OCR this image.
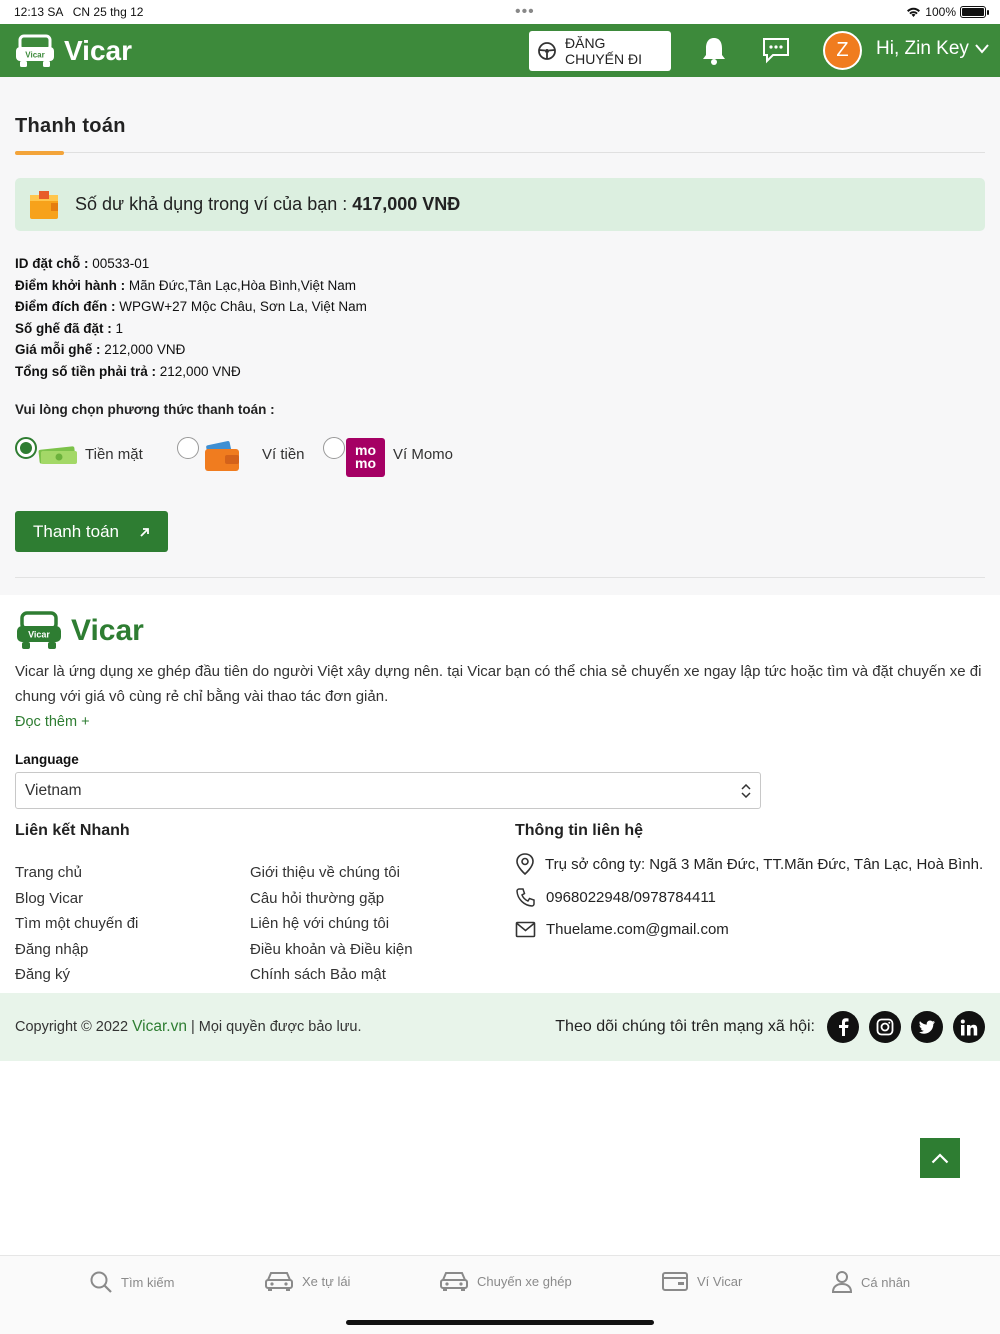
12:13 SA CN 25 thg 12	•••	100%
Vicar Vicar	ĐĂNG CHUYẾN ĐI	Z	Hi, Zin Key
Thanh toán
Số dư khả dụng trong ví của bạn : 417,000 VNĐ
ID đặt chỗ : 00533-01
Điểm khởi hành : Mãn Đức,Tân Lạc,Hòa Bình,Việt Nam
Điểm đích đến : WPGW+27 Mộc Châu, Sơn La, Việt Nam
Số ghế đã đặt : 1
Giá mỗi ghế : 212,000 VNĐ
Tổng số tiền phải trả : 212,000 VNĐ
Vui lòng chọn phương thức thanh toán :
Tiền mặt	Ví tiền	mo mo	Ví Momo
Thanh toán
Vicar Vicar

Vicar là ứng dụng xe ghép đầu tiên do người Việt xây dựng nên. tại Vicar bạn có thể chia sẻ chuyến xe ngay lập tức hoặc tìm và đặt chuyến xe đi chung với giá vô cùng rẻ chỉ bằng vài thao tác đơn giản.

Đọc thêm +
Language
Vietnam
Liên kết Nhanh
Trang chủ
Blog Vicar
Tìm một chuyến đi
Đăng nhập
Đăng ký
Giới thiệu về chúng tôi
Câu hỏi thường gặp
Liên hệ với chúng tôi
Điều khoản và Điều kiện
Chính sách Bảo mật
Thông tin liên hệ
Trụ sở công ty: Ngã 3 Mãn Đức, TT.Mãn Đức, Tân Lạc, Hoà Bình.
0968022948/0978784411
Thuelame.com@gmail.com
Copyright © 2022 Vicar.vn | Mọi quyền được bảo lưu.	Theo dõi chúng tôi trên mạng xã hội:
Tìm kiếm	Xe tự lái	Chuyến xe ghép	Ví Vicar	Cá nhân
